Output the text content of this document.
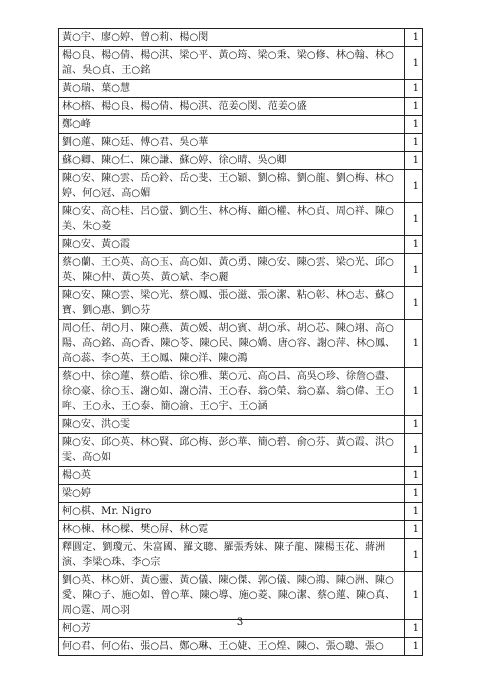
黃○宇、廖○婷、曾○莉、楊○閔	1
楊○良、楊○倩、楊○淇、梁○平、黃○筠、梁○秉、梁○修、林○翰、林○誼、吳○貞、王○銘	1
黃○瑞、葉○慧	1
林○榕、楊○良、楊○倩、楊○淇、范姜○閔、范姜○盛	1
鄭○峰	1
劉○蓮、陳○廷、傅○君、吳○華	1
蘇○卿、陳○仁、陳○謙、蘇○婷、徐○晴、吳○卿	1
陳○安、陳○雲、岳○鈴、岳○斐、王○穎、劉○棉、劉○龍、劉○梅、林○婷、何○冠、高○媚	1
陳○安、高○桂、呂○螢、劉○生、林○梅、顧○權、林○貞、周○祥、陳○美、朱○菱	1
陳○安、黃○霞	1
蔡○蘭、王○英、高○玉、高○如、黃○勇、陳○安、陳○雲、梁○光、邱○英、陳○仲、黃○英、黃○斌、李○麗	1
陳○安、陳○雲、梁○光、蔡○鳳、張○滋、張○潔、粘○彰、林○志、蘇○寶、劉○惠、劉○芬	1
周○任、胡○月、陳○燕、黃○媛、胡○賓、胡○承、胡○芯、陳○翊、高○陽、高○銘、高○香、陳○苓、陳○民、陳○嬌、唐○容、謝○萍、林○鳳、高○蕊、李○英、王○鳳、陳○洋、陳○鴻	1
蔡○中、徐○蓮、蔡○皓、徐○雅、葉○元、高○昌、高吳○珍、徐詹○盡、徐○豪、徐○玉、謝○如、謝○清、王○春、翁○榮、翁○嘉、翁○偉、王○哖、王○永、王○泰、簡○渝、王○宇、王○涵	1
陳○安、洪○雯	1
陳○安、邱○英、林○賢、邱○梅、彭○華、簡○碧、俞○芬、黃○霞、洪○雯、高○如	1
楊○英	1
梁○婷	1
柯○棋、Mr. Nigro	1
林○棟、林○樑、樊○屏、林○霓	1
釋圓定、劉瓊元、朱富國、羅文聰、羅張秀妹、陳子龍、陳楊玉花、蔣洲演、李梁○珠、李○宗	1
劉○英、林○妍、黃○靈、黃○儀、陳○傑、郭○儀、陳○鴻、陳○洲、陳○愛、陳○子、施○如、曾○華、陳○導、施○菱、陳○潔、蔡○蓮、陳○真、周○霆、周○羽	1
柯○芳	1
何○君、何○佑、張○昌、鄭○琳、王○婕、王○煌、陳○、張○聰、張○	1
3
